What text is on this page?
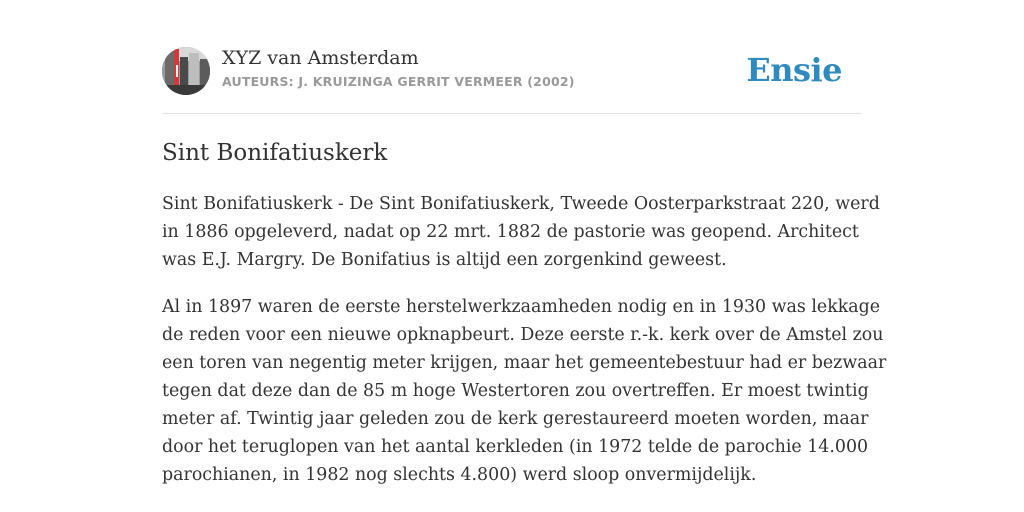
XYZ van Amsterdam
AUTEURS: J. KRUIZINGA GERRIT VERMEER (2002)	Ensie
Sint Bonifatiuskerk

Sint Bonifatiuskerk - De Sint Bonifatiuskerk, Tweede Oosterparkstraat 220, werd
in 1886 opgeleverd, nadat op 22 mrt. 1882 de pastorie was geopend. Architect
was E.J. Margry. De Bonifatius is altijd een zorgenkind geweest.

Al in 1897 waren de eerste herstelwerkzaamheden nodig en in 1930 was lekkage
de reden voor een nieuwe opknapbeurt. Deze eerste r.-k. kerk over de Amstel zou
een toren van negentig meter krijgen, maar het gemeentebestuur had er bezwaar
tegen dat deze dan de 85 m hoge Westertoren zou overtreffen. Er moest twintig
meter af. Twintig jaar geleden zou de kerk gerestaureerd moeten worden, maar
door het teruglopen van het aantal kerkleden (in 1972 telde de parochie 14.000
parochianen, in 1982 nog slechts 4.800) werd sloop onvermijdelijk.
